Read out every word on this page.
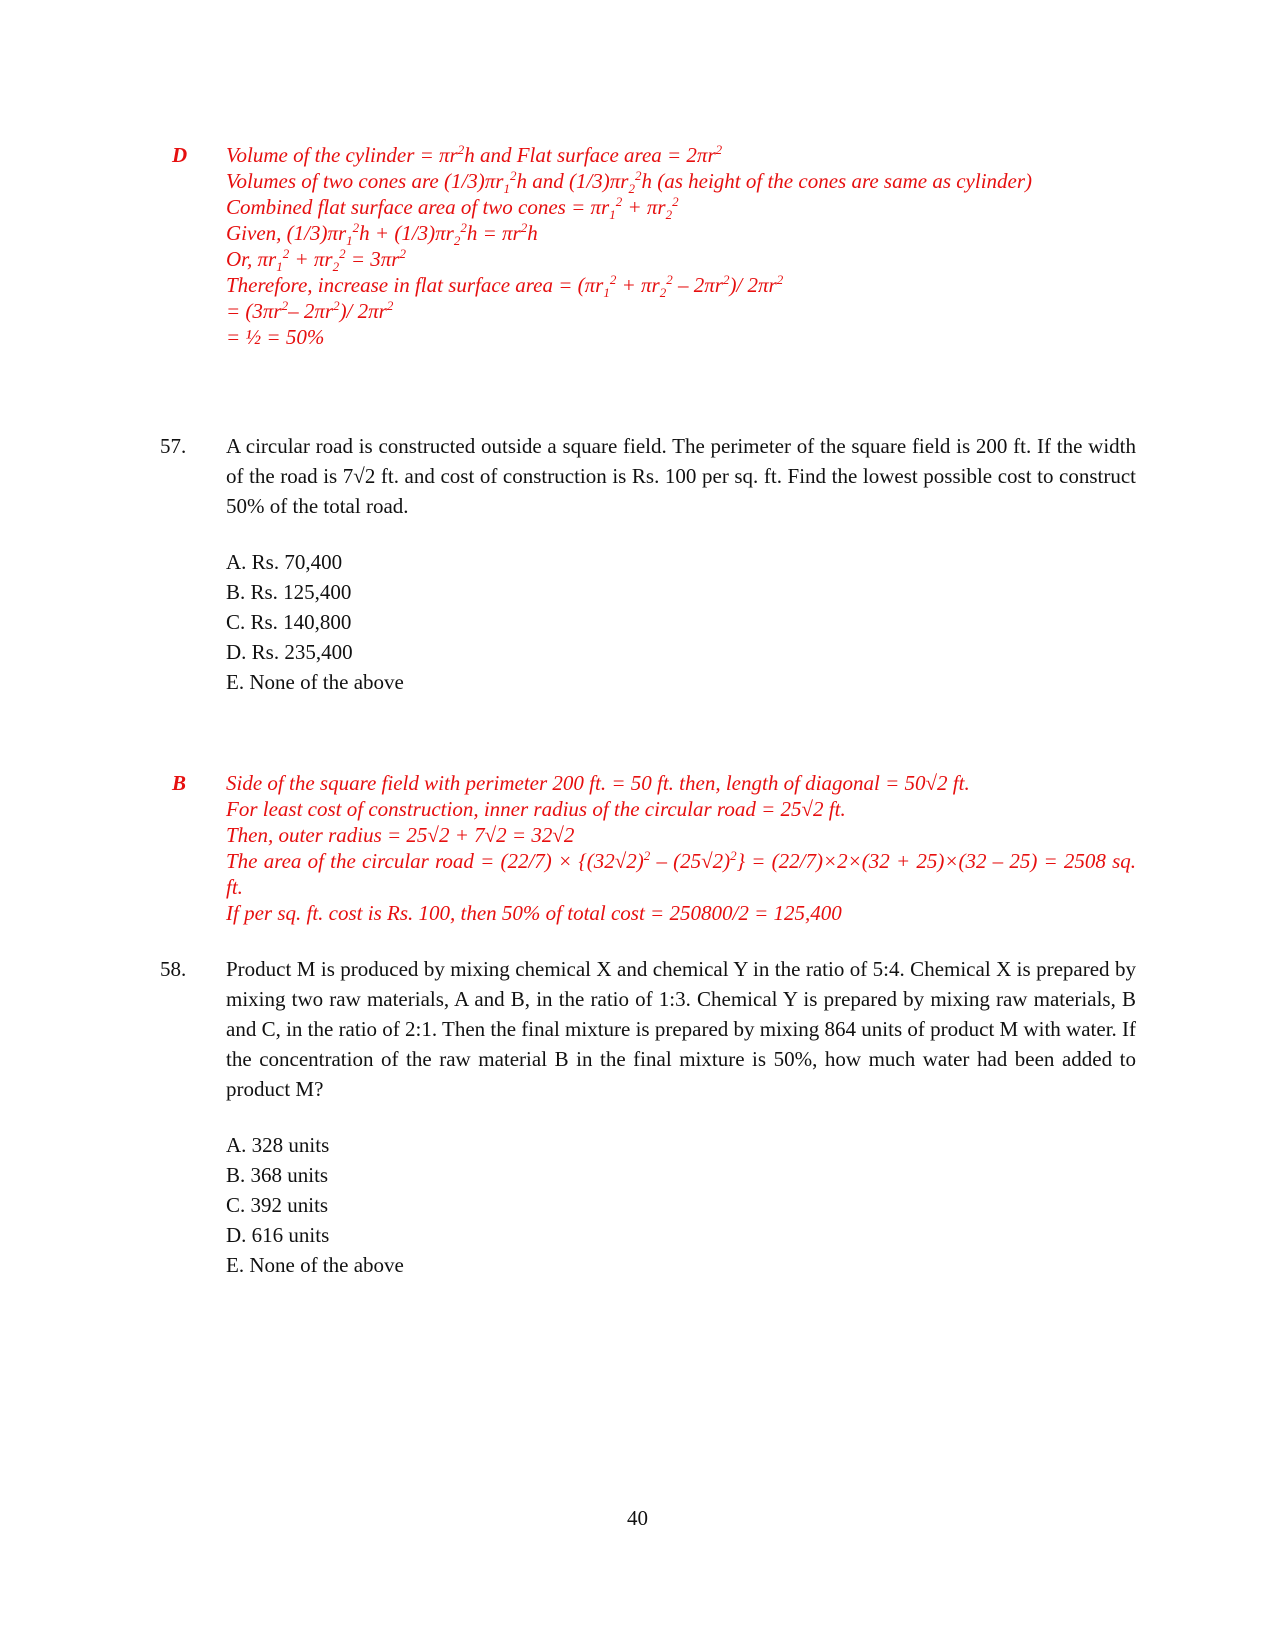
D Volume of the cylinder = $\pi r^2h$ and Flat surface area = $2\pi r^2$
Volumes of two cones are $(1/3)\pi r_1^2h$ and $(1/3)\pi r_2^2h$ (as height of the cones are same as cylinder)
Combined flat surface area of two cones = $\pi r_1^2 + \pi r_2^2$
Given, $(1/3)\pi r_1^2h + (1/3)\pi r_2^2h = \pi r^2h$
Or, $\pi r_1^2 + \pi r_2^2 = 3\pi r^2$
Therefore, increase in flat surface area = $(\pi r_1^2 + \pi r_2^2 - 2\pi r^2)/$ $2\pi r^2$
= ($3\pi r^2-$ $2\pi r^2)/$ $2\pi r^2$
= ½ = 50%
57. A circular road is constructed outside a square field. The perimeter of the square field is 200 ft. If the width of the road is 7√2 ft. and cost of construction is Rs. 100 per sq. ft. Find the lowest possible cost to construct 50% of the total road.

A. Rs. 70,400
B. Rs. 125,400
C. Rs. 140,800
D. Rs. 235,400
E. None of the above
B Side of the square field with perimeter 200 ft. = 50 ft. then, length of diagonal = 50√2 ft.
For least cost of construction, inner radius of the circular road = 25√2 ft.
Then, outer radius = 25√2 + 7√2 = 32√2
The area of the circular road = $(22/7) \times \{(32√2)^2 - (25√2)^2\} = (22/7)\times 2\times(32 + 25)\times(32 - 25) = 2508$ sq. ft.
If per sq. ft. cost is Rs. 100, then 50% of total cost = 250800/2 = 125,400
58. Product M is produced by mixing chemical X and chemical Y in the ratio of 5:4. Chemical X is prepared by mixing two raw materials, A and B, in the ratio of 1:3. Chemical Y is prepared by mixing raw materials, B and C, in the ratio of 2:1. Then the final mixture is prepared by mixing 864 units of product M with water. If the concentration of the raw material B in the final mixture is 50%, how much water had been added to product M?

A. 328 units
B. 368 units
C. 392 units
D. 616 units
E. None of the above
40
